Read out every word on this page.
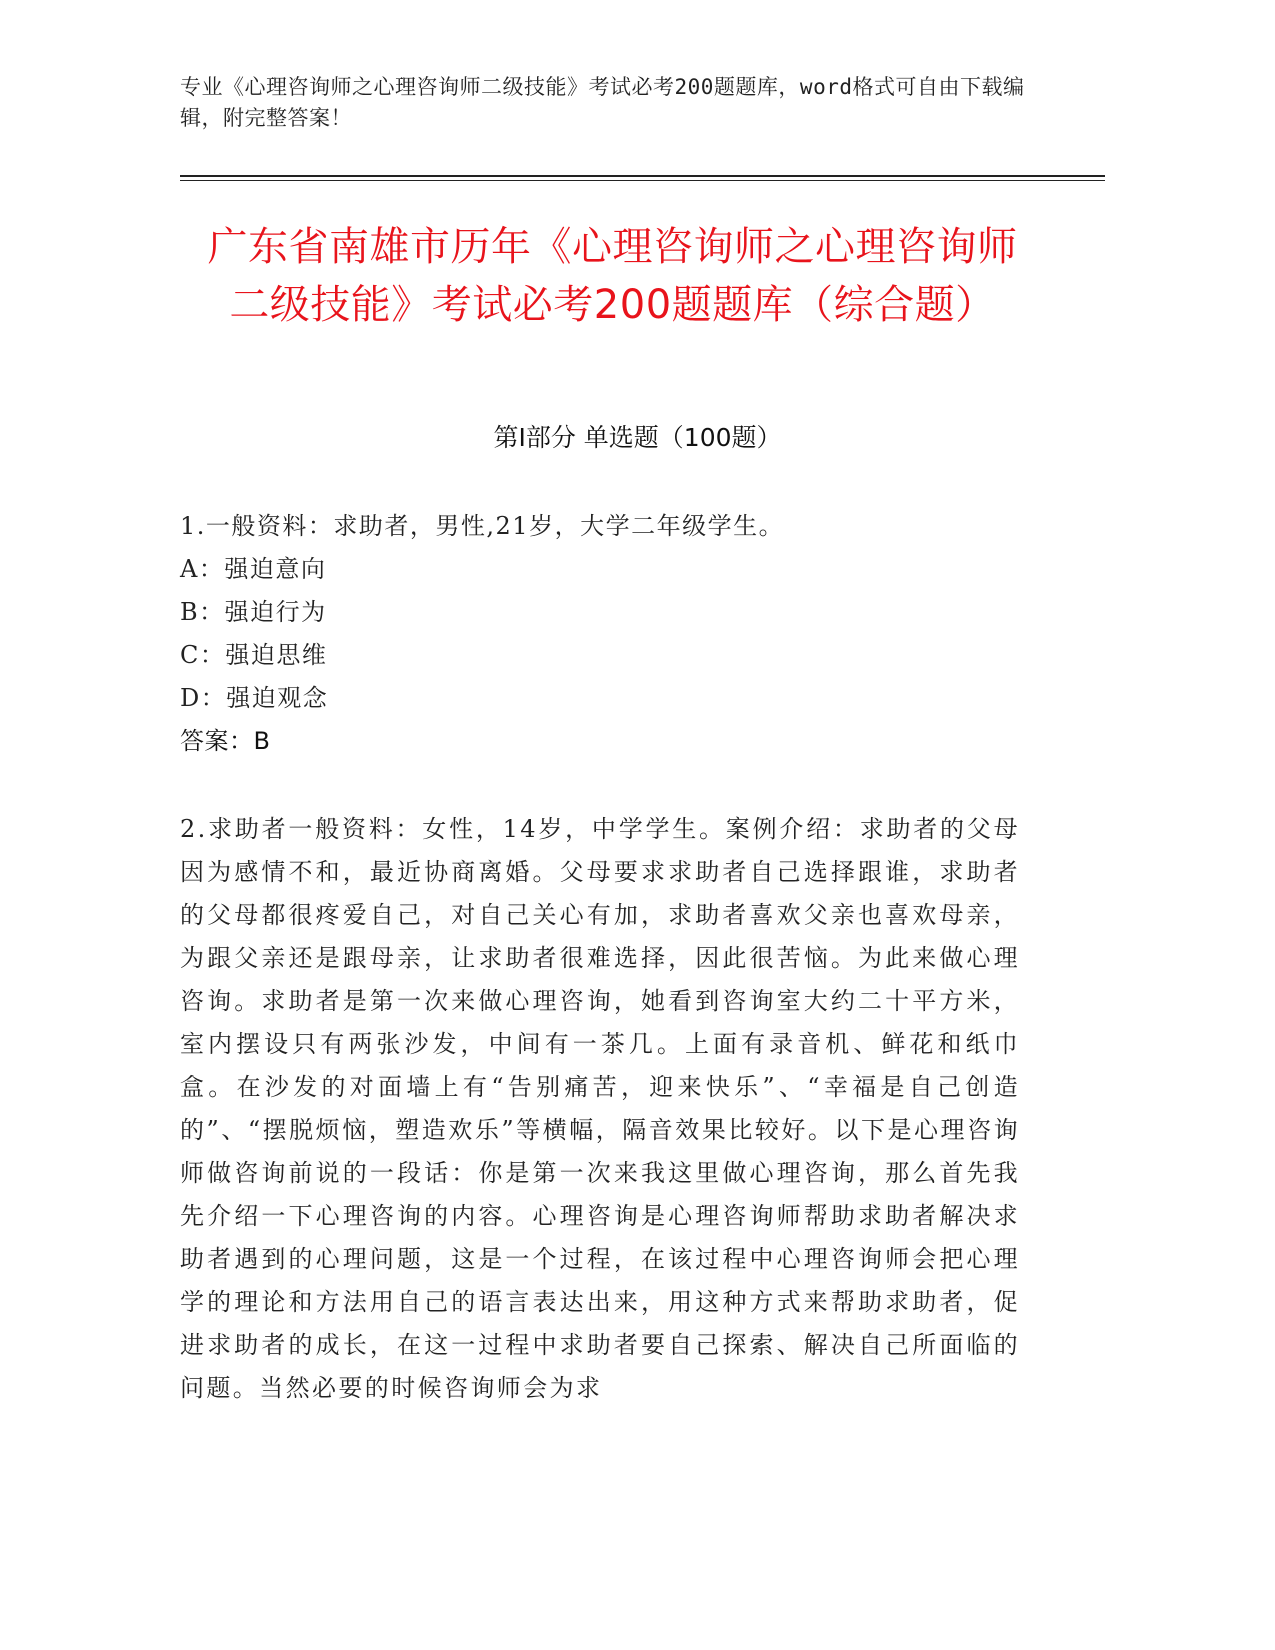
专业《心理咨询师之心理咨询师二级技能》考试必考200题题库，word格式可自由下载编辑，附完整答案！
广东省南雄市历年《心理咨询师之心理咨询师二级技能》考试必考200题题库（综合题）
第I部分 单选题（100题）
1.一般资料：求助者，男性,21岁，大学二年级学生。
A：强迫意向
B：强迫行为
C：强迫思维
D：强迫观念
答案：B
2.求助者一般资料：女性，14岁，中学学生。案例介绍：求助者的父母因为感情不和，最近协商离婚。父母要求求助者自己选择跟谁，求助者的父母都很疼爱自己，对自己关心有加，求助者喜欢父亲也喜欢母亲，为跟父亲还是跟母亲，让求助者很难选择，因此很苦恼。为此来做心理咨询。求助者是第一次来做心理咨询，她看到咨询室大约二十平方米，室内摆设只有两张沙发，中间有一茶几。上面有录音机、鲜花和纸巾盒。在沙发的对面墙上有“告别痛苦，迎来快乐”、“幸福是自己创造的”、“摆脱烦恼，塑造欢乐”等横幅，隔音效果比较好。以下是心理咨询师做咨询前说的一段话：你是第一次来我这里做心理咨询，那么首先我先介绍一下心理咨询的内容。心理咨询是心理咨询师帮助求助者解决求助者遇到的心理问题，这是一个过程，在该过程中心理咨询师会把心理学的理论和方法用自己的语言表达出来，用这种方式来帮助求助者，促进求助者的成长，在这一过程中求助者要自己探索、解决自己所面临的问题。当然必要的时候咨询师会为求
